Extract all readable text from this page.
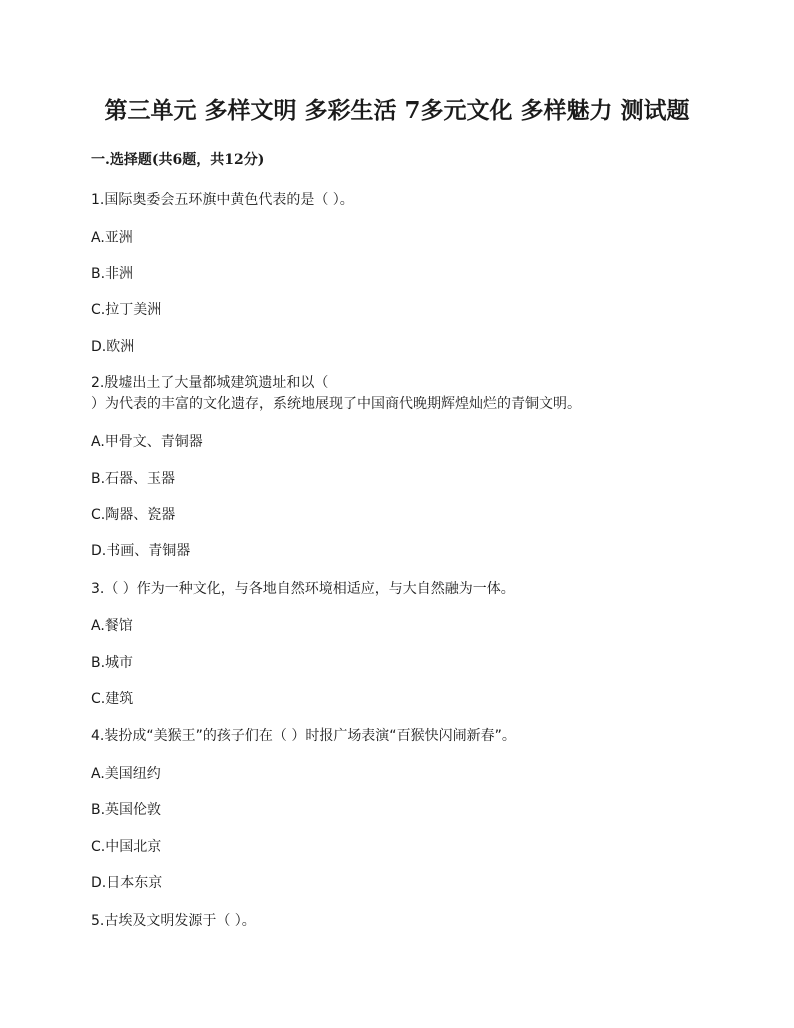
第三单元 多样文明 多彩生活 7多元文化 多样魅力 测试题
一.选择题(共6题，共12分)
1.国际奥委会五环旗中黄色代表的是（ ）。
A.亚洲
B.非洲
C.拉丁美洲
D.欧洲
2.殷墟出土了大量都城建筑遗址和以（
）为代表的丰富的文化遗存，系统地展现了中国商代晚期辉煌灿烂的青铜文明。
A.甲骨文、青铜器
B.石器、玉器
C.陶器、瓷器
D.书画、青铜器
3.（ ）作为一种文化，与各地自然环境相适应，与大自然融为一体。
A.餐馆
B.城市
C.建筑
4.装扮成“美猴王”的孩子们在（ ）时报广场表演“百猴快闪闹新春”。
A.美国纽约
B.英国伦敦
C.中国北京
D.日本东京
5.古埃及文明发源于（ ）。
